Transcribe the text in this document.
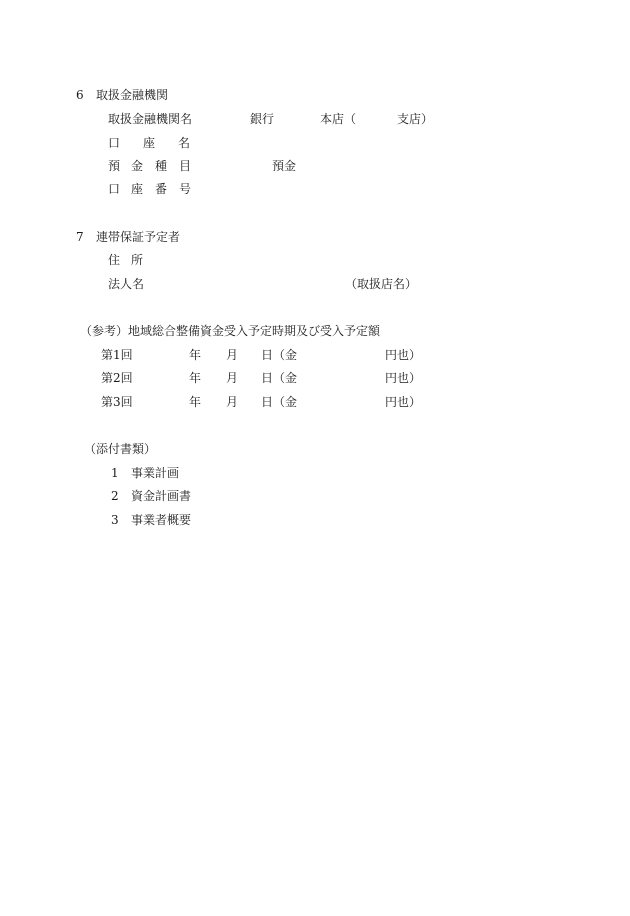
6 取扱金融機関
取扱金融機関名	銀行	本店（	支店）
口 座 名
預 金 種 目	預金
口 座 番 号
7 連帯保証予定者
住 所
法人名	（取扱店名）
（参考）地域総合整備資金受入予定時期及び受入予定額
第1回	年 月 日（金	円也）
第2回	年 月 日（金	円也）
第3回	年 月 日（金	円也）
（添付書類）
1 事業計画
2 資金計画書
3 事業者概要
